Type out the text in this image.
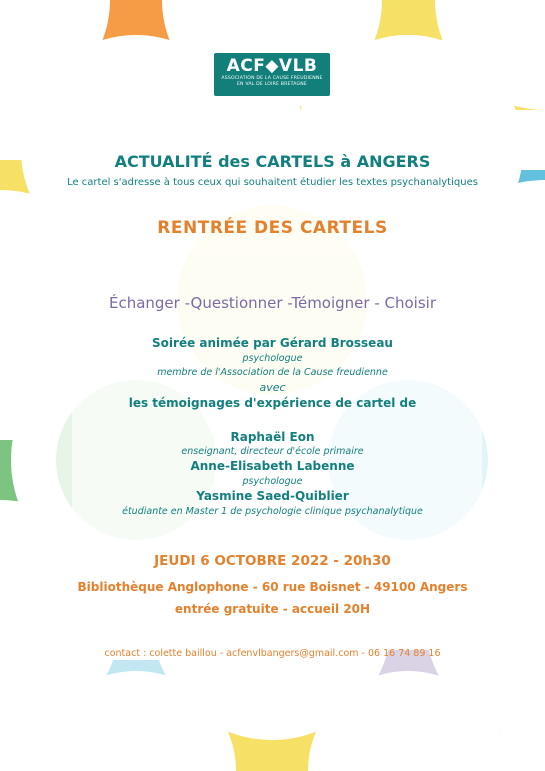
ACF◆VLB
ASSOCIATION DE LA CAUSE FREUDIENNE
EN VAL DE LOIRE BRETAGNE
ACTUALITÉ des CARTELS à ANGERS
Le cartel s'adresse à tous ceux qui souhaitent étudier les textes psychanalytiques
RENTRÉE DES CARTELS
Échanger -Questionner -Témoigner - Choisir
Soirée animée par Gérard Brosseau
psychologue
membre de l'Association de la Cause freudienne
avec
les témoignages d'expérience de cartel de
Raphaël Eon
enseignant, directeur d'école primaire
Anne-Elisabeth Labenne
psychologue
Yasmine Saed-Quiblier
étudiante en Master 1 de psychologie clinique psychanalytique
JEUDI 6 OCTOBRE 2022 - 20h30
Bibliothèque Anglophone - 60 rue Boisnet - 49100 Angers
entrée gratuite - accueil 20H
contact : colette baillou - acfenvlbangers@gmail.com - 06 16 74 89 16
